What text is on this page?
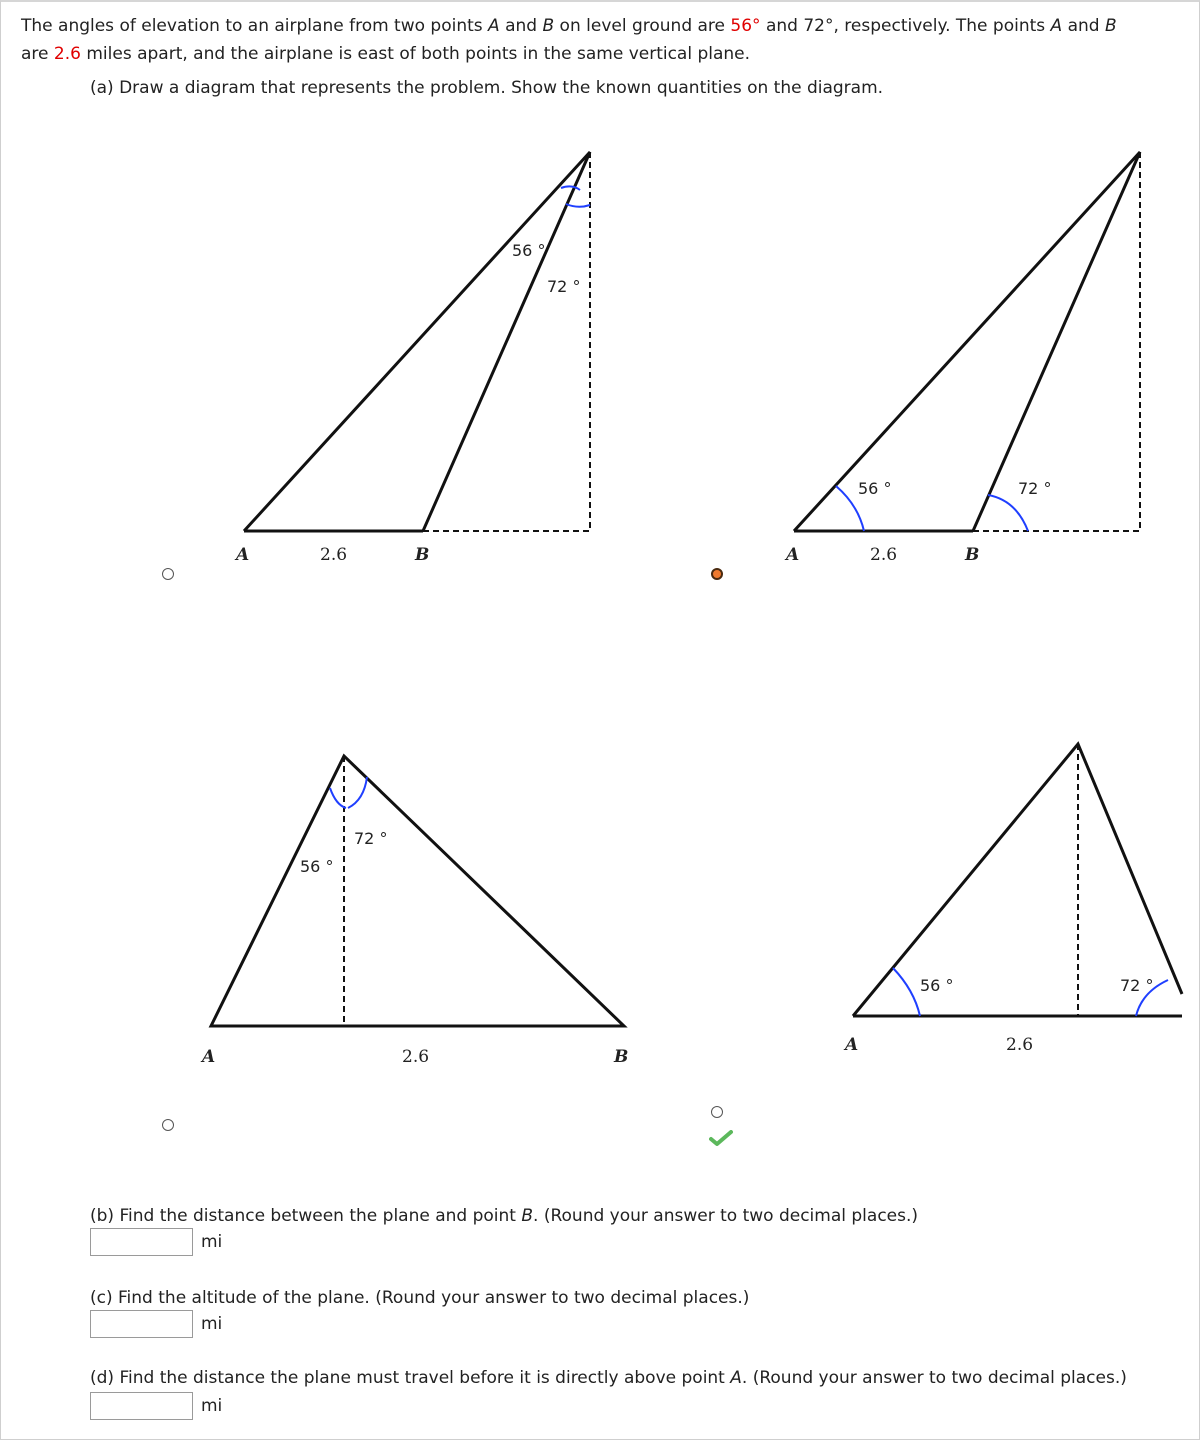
The angles of elevation to an airplane from two points A and B on level ground are 56° and 72°, respectively. The points A and B
are 2.6 miles apart, and the airplane is east of both points in the same vertical plane.
(a) Draw a diagram that represents the problem. Show the known quantities on the diagram.
56 °
72 °
A	2.6	B
56 °	72 °
A	2.6	B
72 °
56 °
A	2.6	B
56 °	72 °
A	2.6
(b) Find the distance between the plane and point B. (Round your answer to two decimal places.)
mi
(c) Find the altitude of the plane. (Round your answer to two decimal places.)
mi
(d) Find the distance the plane must travel before it is directly above point A. (Round your answer to two decimal places.)
mi
